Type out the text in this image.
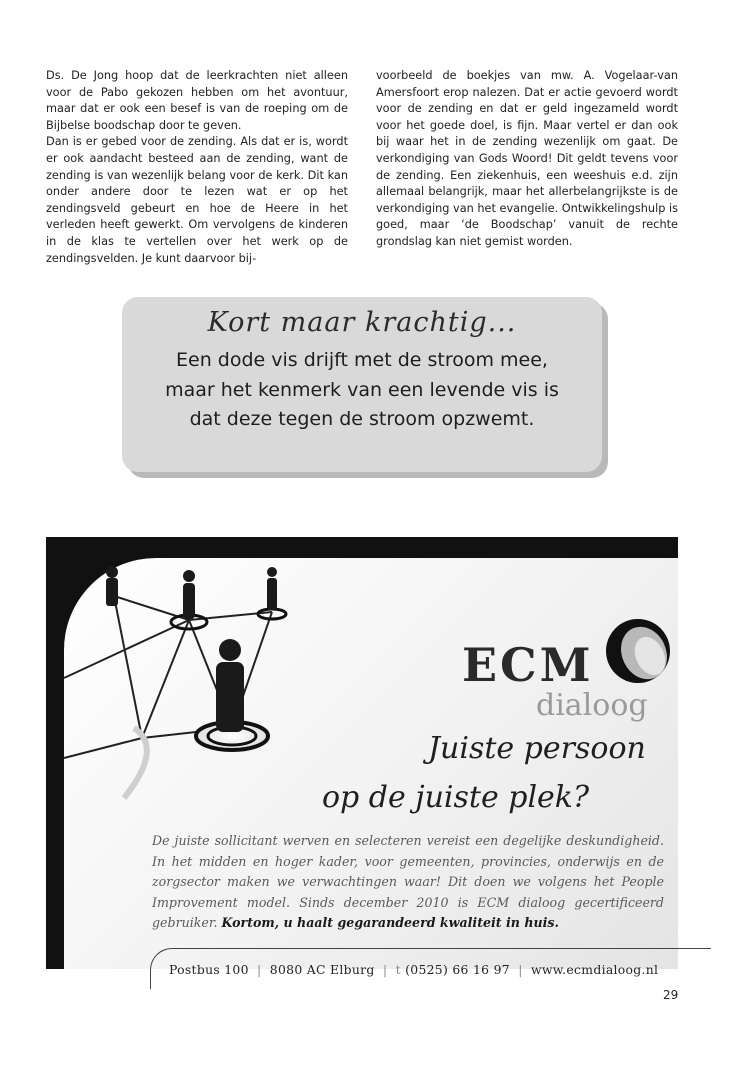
Ds. De Jong hoop dat de leerkrachten niet alleen voor de Pabo gekozen hebben om het avontuur, maar dat er ook een besef is van de roeping om de Bijbelse boodschap door te geven.

Dan is er gebed voor de zending. Als dat er is, wordt er ook aandacht besteed aan de zending, want de zending is van wezenlijk belang voor de kerk. Dit kan onder andere door te lezen wat er op het zendingsveld gebeurt en hoe de Heere in het verleden heeft gewerkt. Om vervolgens de kinderen in de klas te vertellen over het werk op de zendingsvelden. Je kunt daarvoor bij-

voorbeeld de boekjes van mw. A. Vogelaar-van Amersfoort erop nalezen. Dat er actie gevoerd wordt voor de zending en dat er geld ingezameld wordt voor het goede doel, is fijn. Maar vertel er dan ook bij waar het in de zending wezenlijk om gaat. De verkondiging van Gods Woord! Dit geldt tevens voor de zending. Een ziekenhuis, een weeshuis e.d. zijn allemaal belangrijk, maar het allerbelangrijkste is de verkondiging van het evangelie. Ontwikkelingshulp is goed, maar ‘de Boodschap’ vanuit de rechte grondslag kan niet gemist worden.

Kort maar krachtig...
Een dode vis drijft met de stroom mee,
maar het kenmerk van een levende vis is
dat deze tegen de stroom opzwemt.
ECM
dialoog
Juiste persoon
op de juiste plek?
De juiste sollicitant werven en selecteren vereist een degelijke deskundigheid. In het midden en hoger kader, voor gemeenten, provincies, onderwijs en de zorgsector maken we verwachtingen waar! Dit doen we volgens het People Improvement model. Sinds december 2010 is ECM dialoog gecertificeerd gebruiker. Kortom, u haalt gegarandeerd kwaliteit in huis.
Postbus 100 | 8080 AC Elburg | t (0525) 66 16 97 | www.ecmdialoog.nl
29
